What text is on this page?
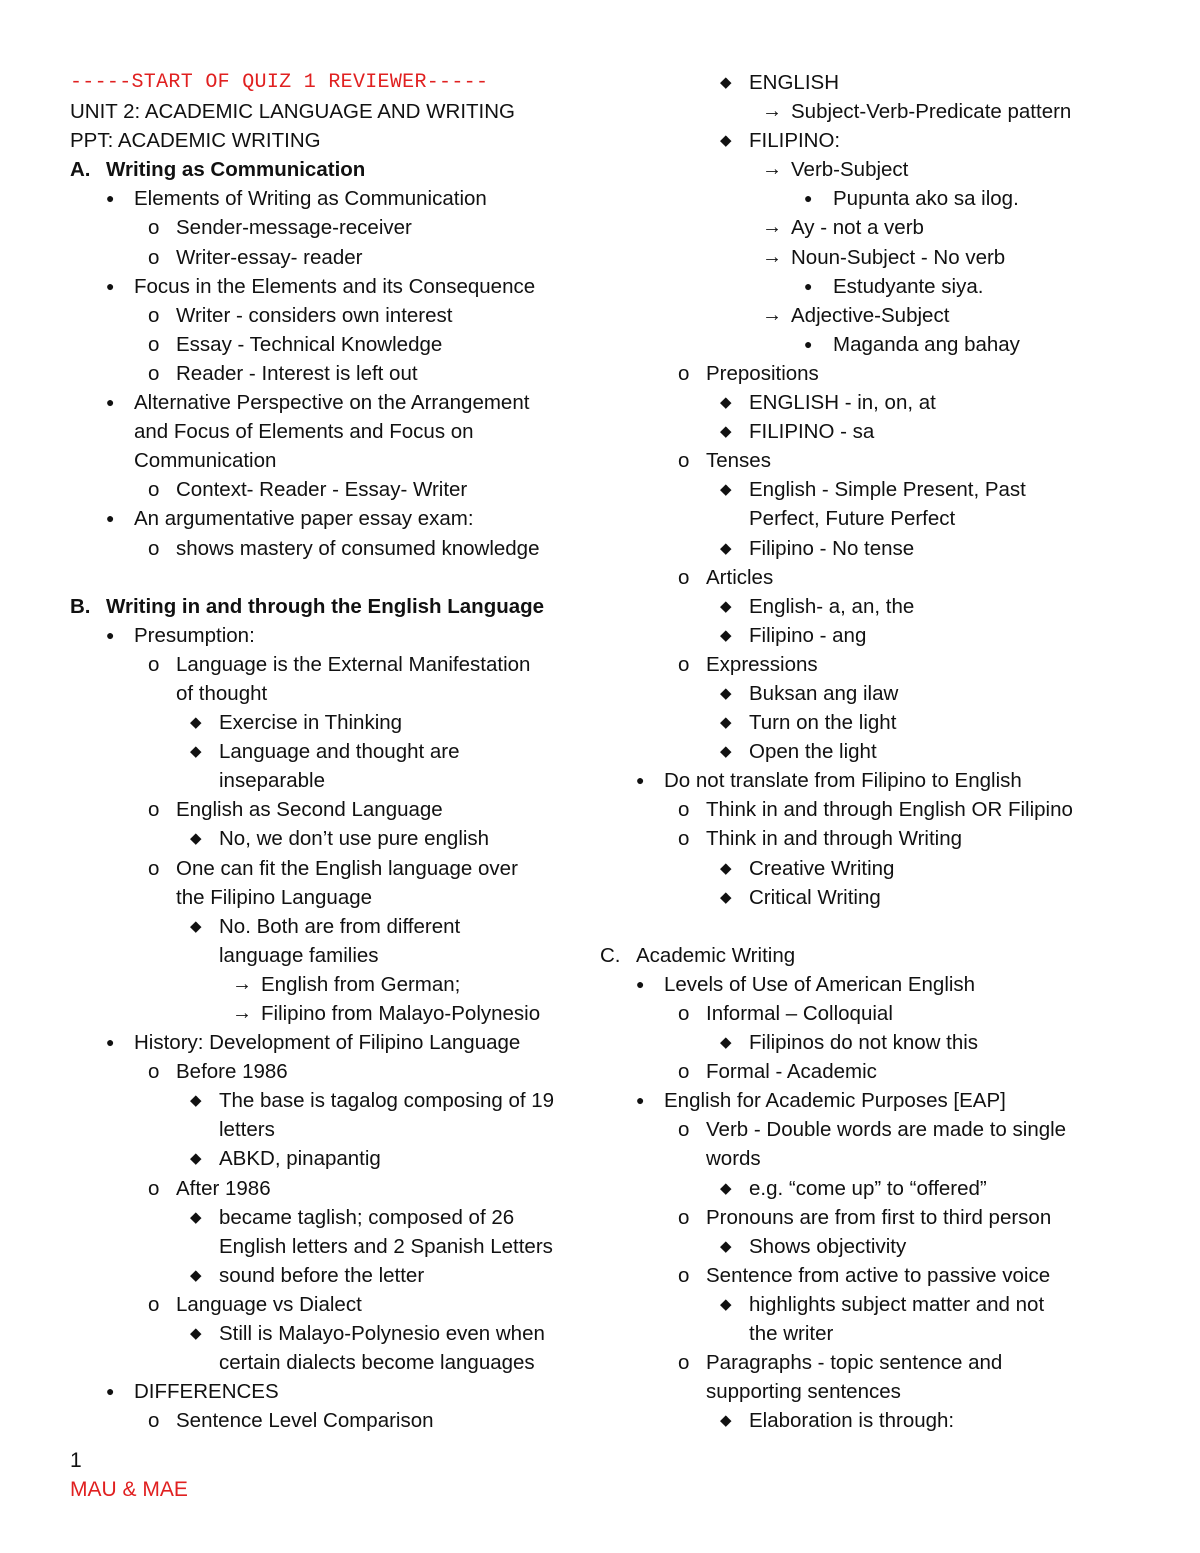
-----START OF QUIZ 1 REVIEWER-----
UNIT 2: ACADEMIC LANGUAGE AND WRITING
PPT: ACADEMIC WRITING
A. Writing as Communication
● Elements of Writing as Communication
o Sender-message-receiver
o Writer-essay- reader
● Focus in the Elements and its Consequence
o Writer - considers own interest
o Essay - Technical Knowledge
o Reader - Interest is left out
● Alternative Perspective on the Arrangement
and Focus of Elements and Focus on
Communication
o Context- Reader - Essay- Writer
● An argumentative paper essay exam:
o shows mastery of consumed knowledge
B. Writing in and through the English Language
● Presumption:
o Language is the External Manifestation
of thought
◆ Exercise in Thinking
◆ Language and thought are
inseparable
o English as Second Language
◆ No, we don’t use pure english
o One can fit the English language over
the Filipino Language
◆ No. Both are from different
language families
→ English from German;
→ Filipino from Malayo-Polynesio
● History: Development of Filipino Language
o Before 1986
◆ The base is tagalog composing of 19
letters
◆ ABKD, pinapantig
o After 1986
◆ became taglish; composed of 26
English letters and 2 Spanish Letters
◆ sound before the letter
o Language vs Dialect
◆ Still is Malayo-Polynesio even when
certain dialects become languages
● DIFFERENCES
o Sentence Level Comparison
◆ ENGLISH
→ Subject-Verb-Predicate pattern
◆ FILIPINO:
→ Verb-Subject
● Pupunta ako sa ilog.
→ Ay - not a verb
→ Noun-Subject - No verb
● Estudyante siya.
→ Adjective-Subject
● Maganda ang bahay
o Prepositions
◆ ENGLISH - in, on, at
◆ FILIPINO - sa
o Tenses
◆ English - Simple Present, Past
Perfect, Future Perfect
◆ Filipino - No tense
o Articles
◆ English- a, an, the
◆ Filipino - ang
o Expressions
◆ Buksan ang ilaw
◆ Turn on the light
◆ Open the light
● Do not translate from Filipino to English
o Think in and through English OR Filipino
o Think in and through Writing
◆ Creative Writing
◆ Critical Writing
C. Academic Writing
● Levels of Use of American English
o Informal – Colloquial
◆ Filipinos do not know this
o Formal - Academic
● English for Academic Purposes [EAP]
o Verb - Double words are made to single
words
◆ e.g. “come up” to “offered”
o Pronouns are from first to third person
◆ Shows objectivity
o Sentence from active to passive voice
◆ highlights subject matter and not
the writer
o Paragraphs - topic sentence and
supporting sentences
◆ Elaboration is through:
1
MAU & MAE
